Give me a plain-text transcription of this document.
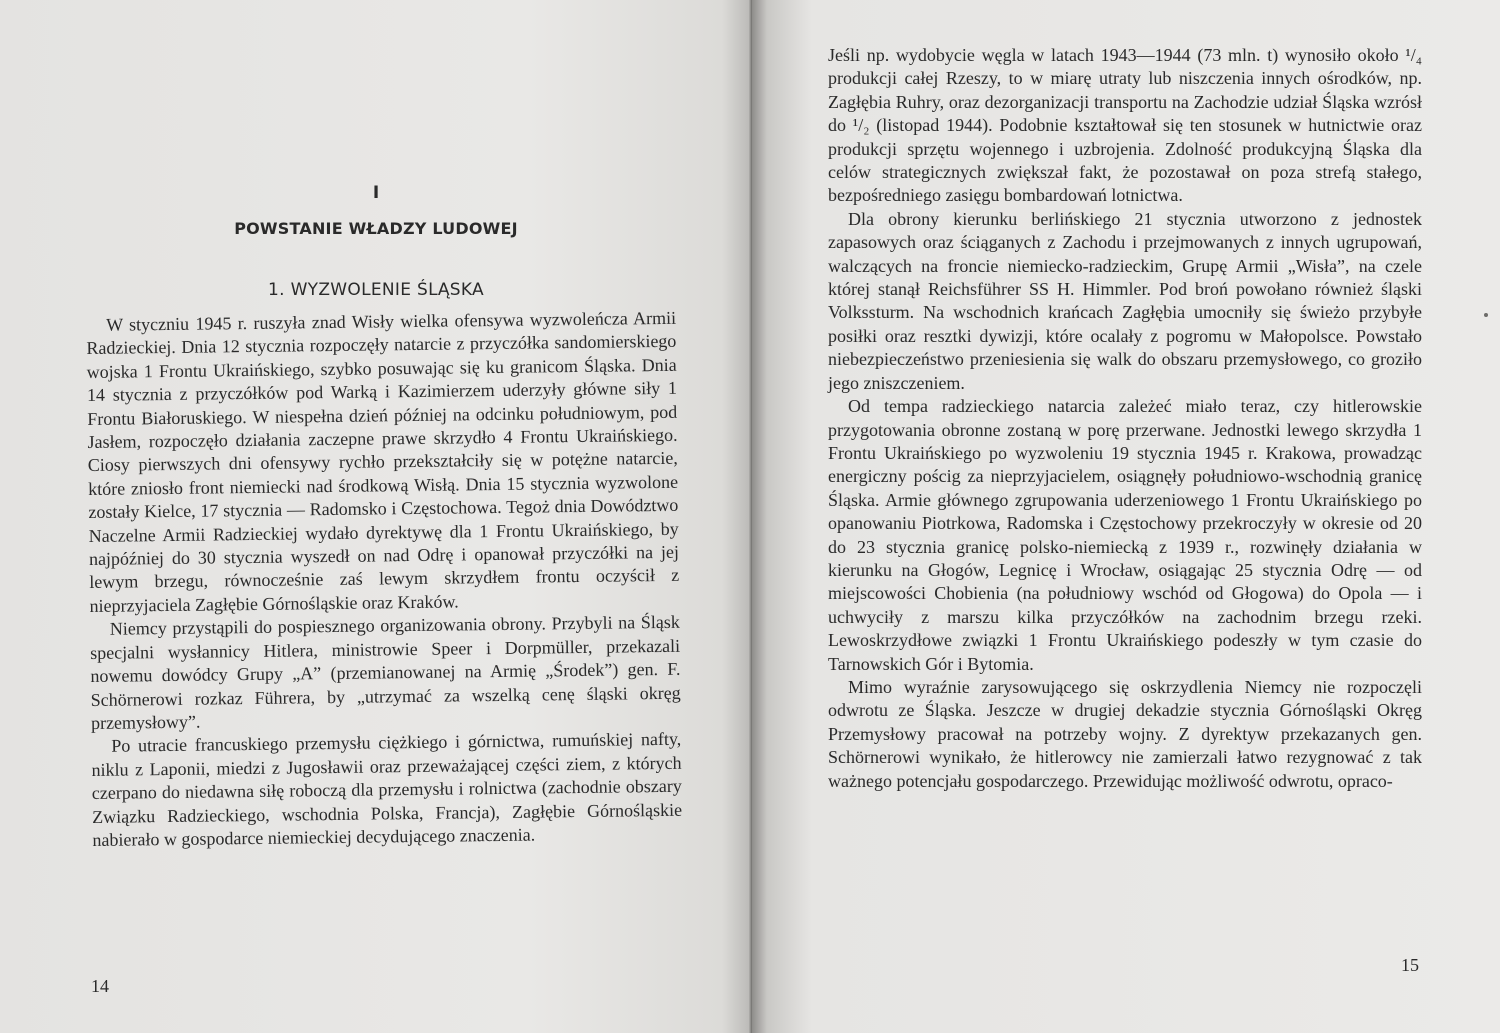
I
POWSTANIE WŁADZY LUDOWEJ
1. WYZWOLENIE ŚLĄSKA

W styczniu 1945 r. ruszyła znad Wisły wielka ofensywa wyzwoleńcza Armii Radzieckiej. Dnia 12 stycznia rozpoczęły natarcie z przyczółka sandomierskiego wojska 1 Frontu Ukraińskiego, szybko posuwając się ku granicom Śląska. Dnia 14 stycznia z przyczółków pod Warką i Kazimierzem uderzyły główne siły 1 Frontu Białoruskiego. W niespełna dzień później na odcinku południowym, pod Jasłem, rozpoczęło działania zaczepne prawe skrzydło 4 Frontu Ukraińskiego. Ciosy pierwszych dni ofensywy rychło przekształciły się w potężne natarcie, które zniosło front niemiecki nad środkową Wisłą. Dnia 15 stycznia wyzwolone zostały Kielce, 17 stycznia — Radomsko i Częstochowa. Tegoż dnia Dowództwo Naczelne Armii Radzieckiej wydało dyrektywę dla 1 Frontu Ukraińskiego, by najpóźniej do 30 stycznia wyszedł on nad Odrę i opanował przyczółki na jej lewym brzegu, równocześnie zaś lewym skrzydłem frontu oczyścił z nieprzyjaciela Zagłębie Górnośląskie oraz Kraków.

Niemcy przystąpili do pospiesznego organizowania obrony. Przybyli na Śląsk specjalni wysłannicy Hitlera, ministrowie Speer i Dorpmüller, przekazali nowemu dowódcy Grupy „A” (przemianowanej na Armię „Środek”) gen. F. Schörnerowi rozkaz Führera, by „utrzymać za wszelką cenę śląski okręg przemysłowy”.

Po utracie francuskiego przemysłu ciężkiego i górnictwa, rumuńskiej nafty, niklu z Laponii, miedzi z Jugosławii oraz przeważającej części ziem, z których czerpano do niedawna siłę roboczą dla przemysłu i rolnictwa (zachodnie obszary Związku Radzieckiego, wschodnia Polska, Francja), Zagłębie Górnośląskie nabierało w gospodarce niemieckiej decydującego znaczenia.

14

Jeśli np. wydobycie węgla w latach 1943—1944 (73 mln. t) wynosiło około ¹/₄ produkcji całej Rzeszy, to w miarę utraty lub niszczenia innych ośrodków, np. Zagłębia Ruhry, oraz dezorganizacji transportu na Zachodzie udział Śląska wzrósł do ¹/₂ (listopad 1944). Podobnie kształtował się ten stosunek w hutnictwie oraz produkcji sprzętu wojennego i uzbrojenia. Zdolność produkcyjną Śląska dla celów strategicznych zwiększał fakt, że pozostawał on poza strefą stałego, bezpośredniego zasięgu bombardowań lotnictwa.

Dla obrony kierunku berlińskiego 21 stycznia utworzono z jednostek zapasowych oraz ściąganych z Zachodu i przejmowanych z innych ugrupowań, walczących na froncie niemiecko-radzieckim, Grupę Armii „Wisła”, na czele której stanął Reichsführer SS H. Himmler. Pod broń powołano również śląski Volkssturm. Na wschodnich krańcach Zagłębia umocniły się świeżo przybyłe posiłki oraz resztki dywizji, które ocalały z pogromu w Małopolsce. Powstało niebezpieczeństwo przeniesienia się walk do obszaru przemysłowego, co groziło jego zniszczeniem.

Od tempa radzieckiego natarcia zależeć miało teraz, czy hitlerowskie przygotowania obronne zostaną w porę przerwane. Jednostki lewego skrzydła 1 Frontu Ukraińskiego po wyzwoleniu 19 stycznia 1945 r. Krakowa, prowadząc energiczny pościg za nieprzyjacielem, osiągnęły południowo-wschodnią granicę Śląska. Armie głównego zgrupowania uderzeniowego 1 Frontu Ukraińskiego po opanowaniu Piotrkowa, Radomska i Częstochowy przekroczyły w okresie od 20 do 23 stycznia granicę polsko-niemiecką z 1939 r., rozwinęły działania w kierunku na Głogów, Legnicę i Wrocław, osiągając 25 stycznia Odrę — od miejscowości Chobienia (na południowy wschód od Głogowa) do Opola — i uchwyciły z marszu kilka przyczółków na zachodnim brzegu rzeki. Lewoskrzydłowe związki 1 Frontu Ukraińskiego podeszły w tym czasie do Tarnowskich Gór i Bytomia.

Mimo wyraźnie zarysowującego się oskrzydlenia Niemcy nie rozpoczęli odwrotu ze Śląska. Jeszcze w drugiej dekadzie stycznia Górnośląski Okręg Przemysłowy pracował na potrzeby wojny. Z dyrektyw przekazanych gen. Schörnerowi wynikało, że hitlerowcy nie zamierzali łatwo rezygnować z tak ważnego potencjału gospodarczego. Przewidując możliwość odwrotu, opraco-

15
